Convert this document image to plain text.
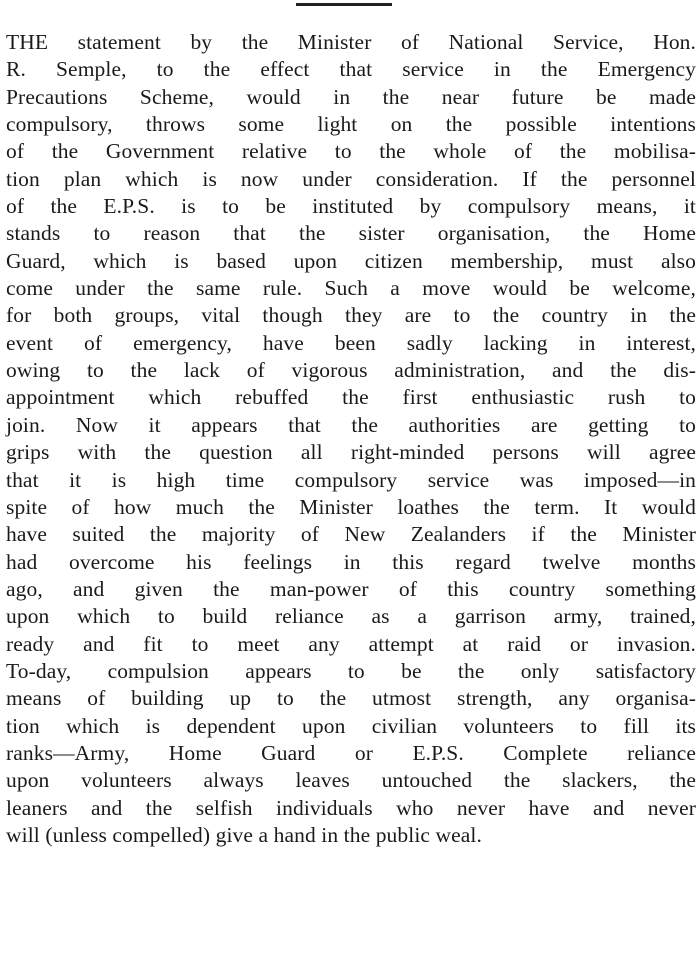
THE statement by the Minister of National Service, Hon.
R. Semple, to the effect that service in the Emergency
Precautions Scheme, would in the near future be made
compulsory, throws some light on the possible intentions
of the Government relative to the whole of the mobilisa-
tion plan which is now under consideration. If the personnel
of the E.P.S. is to be instituted by compulsory means, it
stands to reason that the sister organisation, the Home
Guard, which is based upon citizen membership, must also
come under the same rule. Such a move would be welcome,
for both groups, vital though they are to the country in the
event of emergency, have been sadly lacking in interest,
owing to the lack of vigorous administration, and the dis-
appointment which rebuffed the first enthusiastic rush to
join. Now it appears that the authorities are getting to
grips with the question all right-minded persons will agree
that it is high time compulsory service was imposed—in
spite of how much the Minister loathes the term. It would
have suited the majority of New Zealanders if the Minister
had overcome his feelings in this regard twelve months
ago, and given the man-power of this country something
upon which to build reliance as a garrison army, trained,
ready and fit to meet any attempt at raid or invasion.
To-day, compulsion appears to be the only satisfactory
means of building up to the utmost strength, any organisa-
tion which is dependent upon civilian volunteers to fill its
ranks—Army, Home Guard or E.P.S. Complete reliance
upon volunteers always leaves untouched the slackers, the
leaners and the selfish individuals who never have and never
will (unless compelled) give a hand in the public weal.
